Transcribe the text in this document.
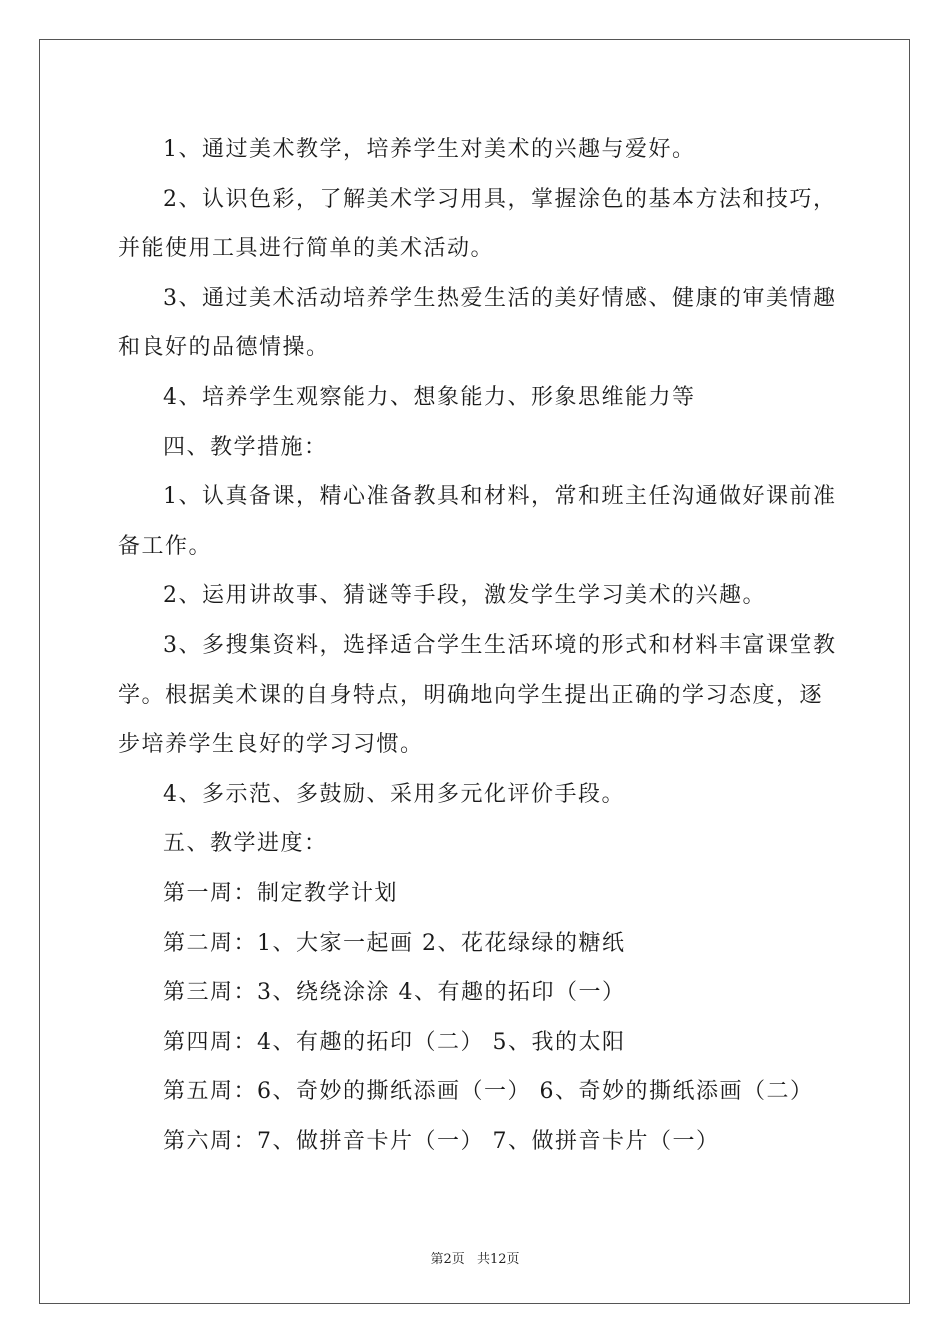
1、通过美术教学，培养学生对美术的兴趣与爱好。

2、认识色彩，了解美术学习用具，掌握涂色的基本方法和技巧，并能使用工具进行简单的美术活动。

3、通过美术活动培养学生热爱生活的美好情感、健康的审美情趣和良好的品德情操。

4、培养学生观察能力、想象能力、形象思维能力等

四、教学措施：

1、认真备课，精心准备教具和材料，常和班主任沟通做好课前准备工作。

2、运用讲故事、猜谜等手段，激发学生学习美术的兴趣。

3、多搜集资料，选择适合学生生活环境的形式和材料丰富课堂教学。根据美术课的自身特点，明确地向学生提出正确的学习态度，逐步培养学生良好的学习习惯。

4、多示范、多鼓励、采用多元化评价手段。

五、教学进度：

第一周：制定教学计划

第二周：1、大家一起画 2、花花绿绿的糖纸

第三周：3、绕绕涂涂 4、有趣的拓印（一）

第四周：4、有趣的拓印（二） 5、我的太阳

第五周：6、奇妙的撕纸添画（一） 6、奇妙的撕纸添画（二）

第六周：7、做拼音卡片（一） 7、做拼音卡片（一）

第2页 共12页
